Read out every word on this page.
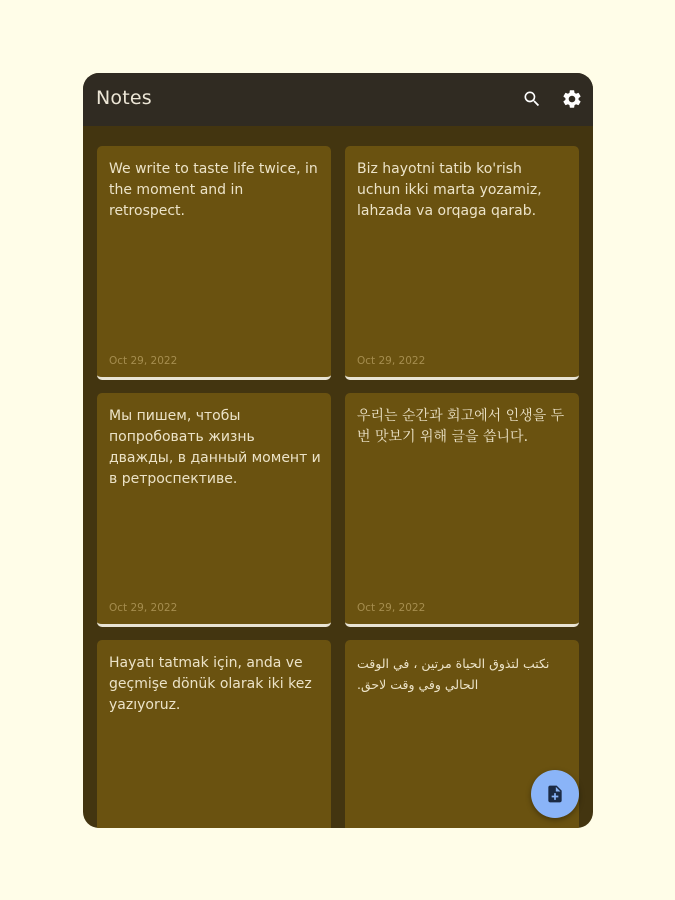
Notes
We write to taste life twice, in the moment and in retrospect.
Oct 29, 2022
Biz hayotni tatib ko'rish uchun ikki marta yozamiz, lahzada va orqaga qarab.
Oct 29, 2022
Мы пишем, чтобы попробовать жизнь дважды, в данный момент и в ретроспективе.
Oct 29, 2022
우리는 순간과 회고에서 인생을 두 번 맛보기 위해 글을 씁니다.
Oct 29, 2022
Hayatı tatmak için, anda ve geçmişe dönük olarak iki kez yazıyoruz.
نكتب لتذوق الحياة مرتين ، في الوقت الحالي وفي وقت لاحق.
